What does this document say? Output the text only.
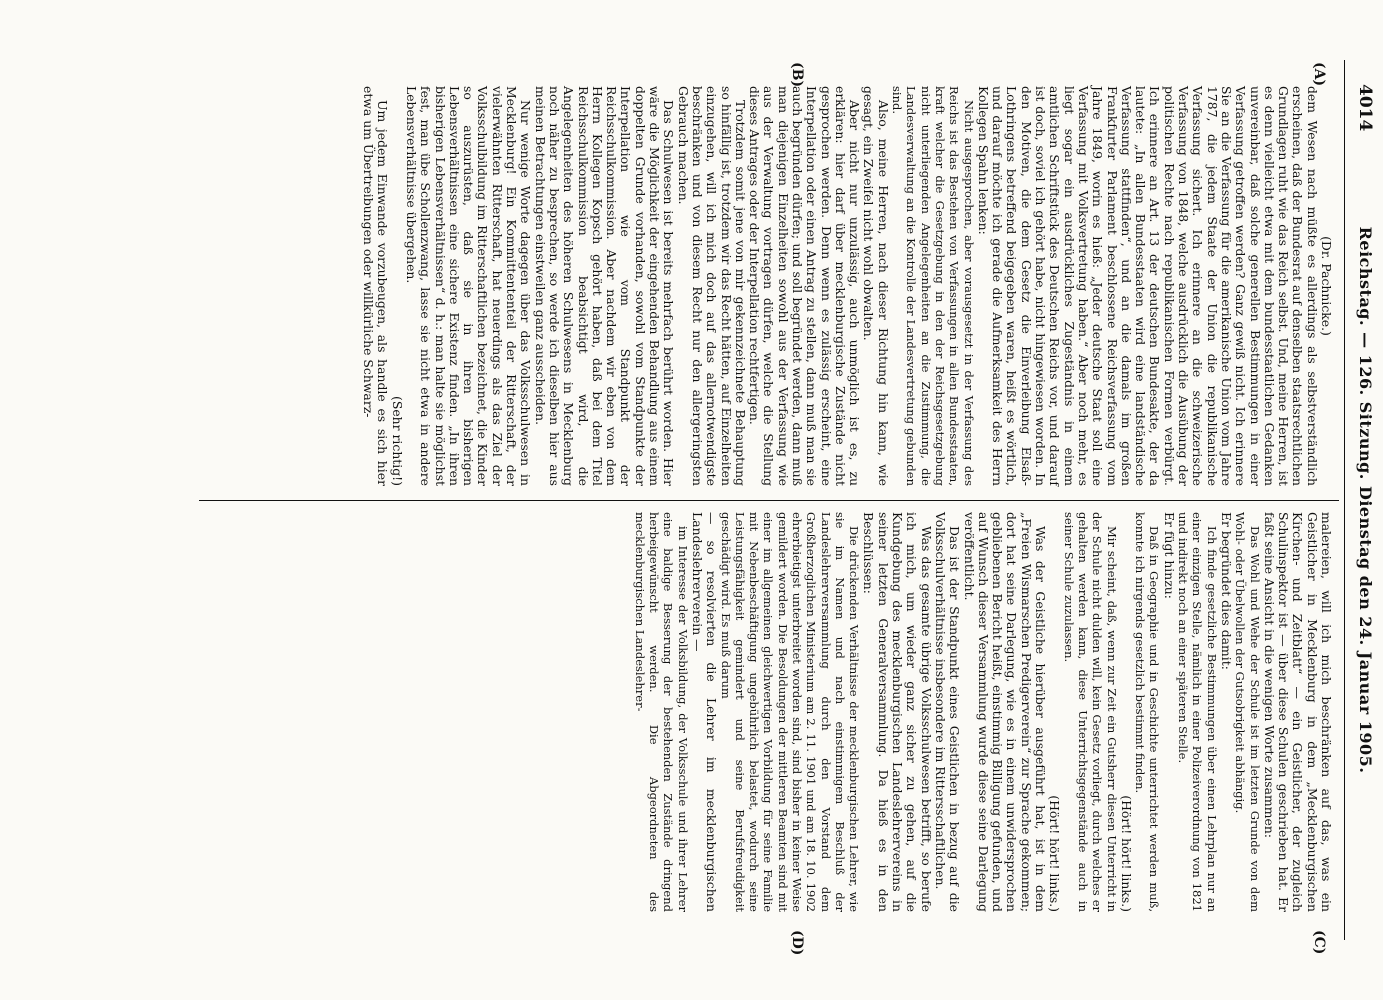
4014
Reichstag. — 126. Sitzung. Dienstag den 24. Januar 1905.
(A)
(B)
(C)
(D)

(Dr. Pachnicke.)

dem Wesen nach müßte es allerdings als selbstverständlich erscheinen, daß der Bundesrat auf denselben staatsrechtlichen Grundlagen ruht wie das Reich selbst. Und, meine Herren, ist es denn vielleicht etwa mit dem bundesstaatlichen Gedanken unvereinbar, daß solche generellen Bestimmungen in einer Verfassung getroffen werden? Ganz gewiß nicht. Ich erinnere Sie an die Verfassung für die amerikanische Union vom Jahre 1787, die jedem Staate der Union die republikanische Verfassung sichert. Ich erinnere an die schweizerische Verfassung von 1848, welche ausdrücklich die Ausübung der politischen Rechte nach republikanischen Formen verbürgt. Ich erinnere an Art. 13 der deutschen Bundesakte, der da lautete: „In allen Bundesstaaten wird eine landständische Verfassung stattfinden“, und an die damals im großen Frankfurter Parlament beschlossene Reichsverfassung vom Jahre 1849, worin es hieß: „Jeder deutsche Staat soll eine Verfassung mit Volksvertretung haben.“ Aber noch mehr, es liegt sogar ein ausdrückliches Zugeständnis in einem amtlichen Schriftstück des Deutschen Reichs vor, und darauf ist doch, soviel ich gehört habe, nicht hingewiesen worden. In den Motiven, die dem Gesetz die Einverleibung Elsaß-Lothringens betreffend beigegeben waren, heißt es wörtlich, und darauf möchte ich gerade die Aufmerksamkeit des Herrn Kollegen Spahn lenken:

Nicht ausgesprochen, aber vorausgesetzt in der Verfassung des Reichs ist das Bestehen von Verfassungen in allen Bundesstaaten, kraft welcher die Gesetzgebung in den der Reichsgesetzgebung nicht unterliegenden Angelegenheiten an die Zustimmung, die Landesverwaltung an die Kontrolle der Landesvertretung gebunden sind.

Also, meine Herren, nach dieser Richtung hin kann, wie gesagt, ein Zweifel nicht wohl obwalten.

Aber nicht nur unzulässig, auch unmöglich ist es, zu erklären: hier darf über mecklenburgische Zustände nicht gesprochen werden. Denn wenn es zulässig erscheint, eine Interpellation oder einen Antrag zu stellen, dann muß man sie auch begründen dürfen; und soll begründet werden, dann muß man diejenigen Einzelheiten sowohl aus der Verfassung wie aus der Verwaltung vortragen dürfen, welche die Stellung dieses Antrages oder der Interpellation rechtfertigen.

Trotzdem somit jene von mir gekennzeichnete Behauptung so hinfällig ist, trotzdem wir das Recht hätten, auf Einzelheiten einzugehen, will ich mich doch auf das allernotwendigste beschränken und von diesem Recht nur den allergeringsten Gebrauch machen.

Das Schulwesen ist bereits mehrfach berührt worden. Hier wäre die Möglichkeit der eingehenden Behandlung aus einem doppelten Grunde vorhanden, sowohl vom Standpunkte der Interpellation wie vom Standpunkt der Reichsschulkommission. Aber nachdem wir eben von dem Herrn Kollegen Kopsch gehört haben, daß bei dem Titel Reichsschulkommission beabsichtigt wird, die Angelegenheiten des höheren Schulwesens in Mecklenburg noch näher zu besprechen, so werde ich dieselben hier aus meinen Betrachtungen einstweilen ganz ausscheiden.

Nur wenige Worte dagegen über das Volksschulwesen in Mecklenburg! Ein Kommittententeil der Ritterschaft, der vielerwähnten Ritterschaft, hat neuerdings als das Ziel der Volksschulbildung im Ritterschaftlichen bezeichnet, die Kinder so auszurüsten, daß sie in ihren bisherigen Lebensverhältnissen eine sichere Existenz finden. „In ihren bisherigen Lebensverhältnissen“ d. h.: man halte sie möglichst fest, man übe Schollenzwang, lasse sie nicht etwa in andere Lebensverhältnisse übergehen.

(Sehr richtig!)

Um jedem Einwande vorzubeugen, als handle es sich hier etwa um Übertreibungen oder willkürliche Schwarz-

malereien, will ich mich beschränken auf das, was ein Geistlicher in Mecklenburg in dem „Mecklenburgischen Kirchen- und Zeitblatt“ — ein Geistlicher, der zugleich Schulinspektor ist — über diese Schulen geschrieben hat. Er faßt seine Ansicht in die wenigen Worte zusammen:

Das Wohl und Wehe der Schule ist im letzten Grunde von dem Wohl- oder Übelwollen der Gutsobrigkeit abhängig.

Er begründet dies damit:

Ich finde gesetzliche Bestimmungen über einen Lehrplan nur an einer einzigen Stelle, nämlich in einer Polizeiverordnung von 1821 und indirekt noch an einer späteren Stelle.

Er fügt hinzu:

Daß in Geographie und in Geschichte unterrichtet werden muß, konnte ich nirgends gesetzlich bestimmt finden.

(Hört! hört! links.)

Mir scheint, daß, wenn zur Zeit ein Gutsherr diesen Unterricht in der Schule nicht dulden will, kein Gesetz vorliegt, durch welches er gehalten werden kann, diese Unterrichtsgegenstände auch in seiner Schule zuzulassen.

(Hört! hört! links.)

Was der Geistliche hierüber ausgeführt hat, ist in dem „Freien Wismarschen Predigerverein“ zur Sprache gekommen; dort hat seine Darlegung, wie es in einem unwidersprochen gebliebenen Bericht heißt, einstimmig Billigung gefunden, und auf Wunsch dieser Versammlung wurde diese seine Darlegung veröffentlicht.

Das ist der Standpunkt eines Geistlichen in bezug auf die Volksschulverhältnisse insbesondere im Rittersschaftlichen.

Was das gesamte übrige Volksschulwesen betrifft, so berufe ich mich, um wieder ganz sicher zu gehen, auf die Kundgebung des mecklenburgischen Landeslehrervereins in seiner letzten Generalversammlung. Da hieß es in den Beschlüssen:

Die drückenden Verhältnisse der mecklenburgischen Lehrer, wie sie im Namen und nach einstimmigem Beschluß der Landeslehrerversammlung durch den Vorstand dem Großherzoglichen Ministerium am 2. 11. 1901 und am 18. 10. 1902 ehrerbietigst unterbreitet worden sind, sind bisher in keiner Weise gemildert worden. Die Besoldungen der mittleren Beamten sind mit einer im allgemeinen gleichwertigen Vorbildung für seine Familie mit Nebenbeschäftigung ungebührlich belastet, wodurch seine Leistungsfähigkeit gemindert und seine Berufsfreudigkeit geschädigt wird. Es muß darum

— so resolvierten die Lehrer im mecklenburgischen Landeslehrerverein —

im Interesse der Volksbildung, der Volksschule und ihrer Lehrer eine baldige Besserung der bestehenden Zustände dringend herbeigewünscht werden. Die Abgeordneten des mecklenburgischen Landeslehrer-
